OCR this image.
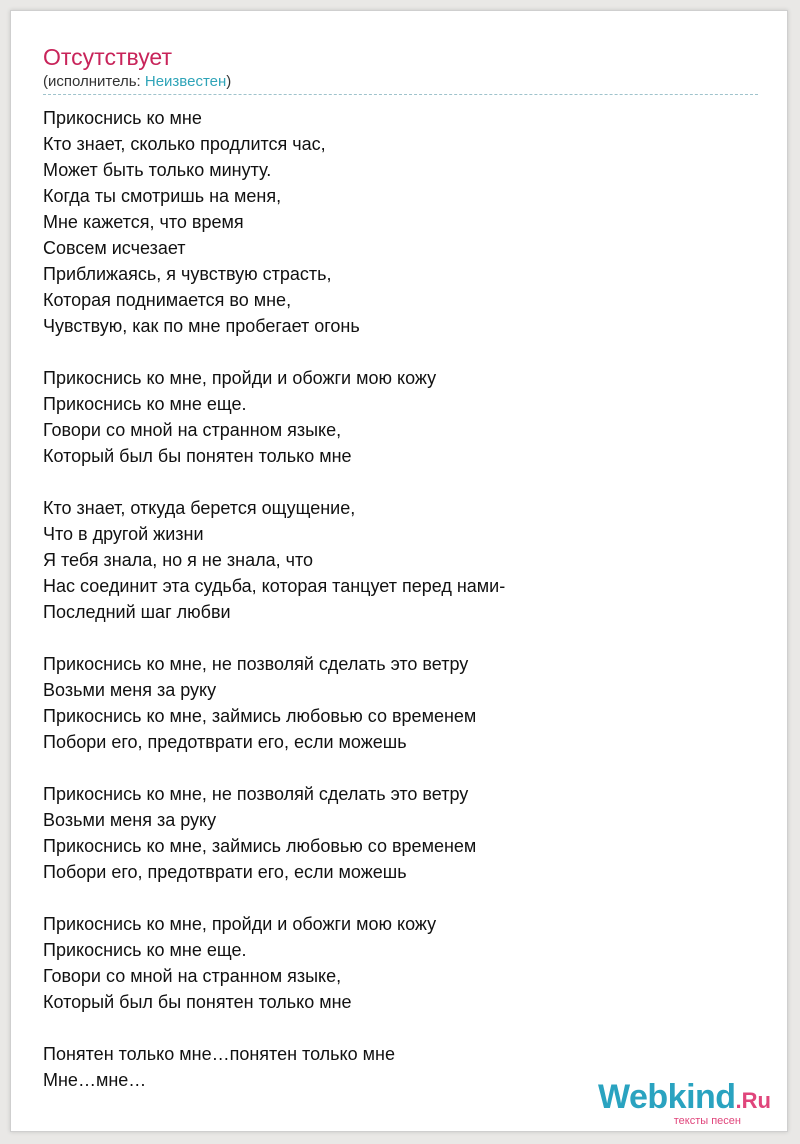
Отсутствует
(исполнитель: Неизвестен)
Прикоснись ко мне
Кто знает, сколько продлится час,
Может быть только минуту.
Когда ты смотришь на меня,
Мне кажется, что время
Совсем исчезает
Приближаясь, я чувствую страсть,
Которая поднимается во мне,
Чувствую, как по мне пробегает огонь
Прикоснись ко мне, пройди и обожги мою кожу
Прикоснись ко мне еще.
Говори со мной на странном языке,
Который был бы понятен только мне
Кто знает, откуда берется ощущение,
Что в другой жизни
Я тебя знала, но я не знала, что
Нас соединит эта судьба, которая танцует перед нами-
Последний шаг любви
Прикоснись ко мне, не позволяй сделать это ветру
Возьми меня за руку
Прикоснись ко мне, займись любовью со временем
Побори его, предотврати его, если можешь
Прикоснись ко мне, не позволяй сделать это ветру
Возьми меня за руку
Прикоснись ко мне, займись любовью со временем
Побори его, предотврати его, если можешь
Прикоснись ко мне, пройди и обожги мою кожу
Прикоснись ко мне еще.
Говори со мной на странном языке,
Который был бы понятен только мне
Понятен только мне…понятен только мне
Мне…мне…	Webkind.Ru
тексты песен
